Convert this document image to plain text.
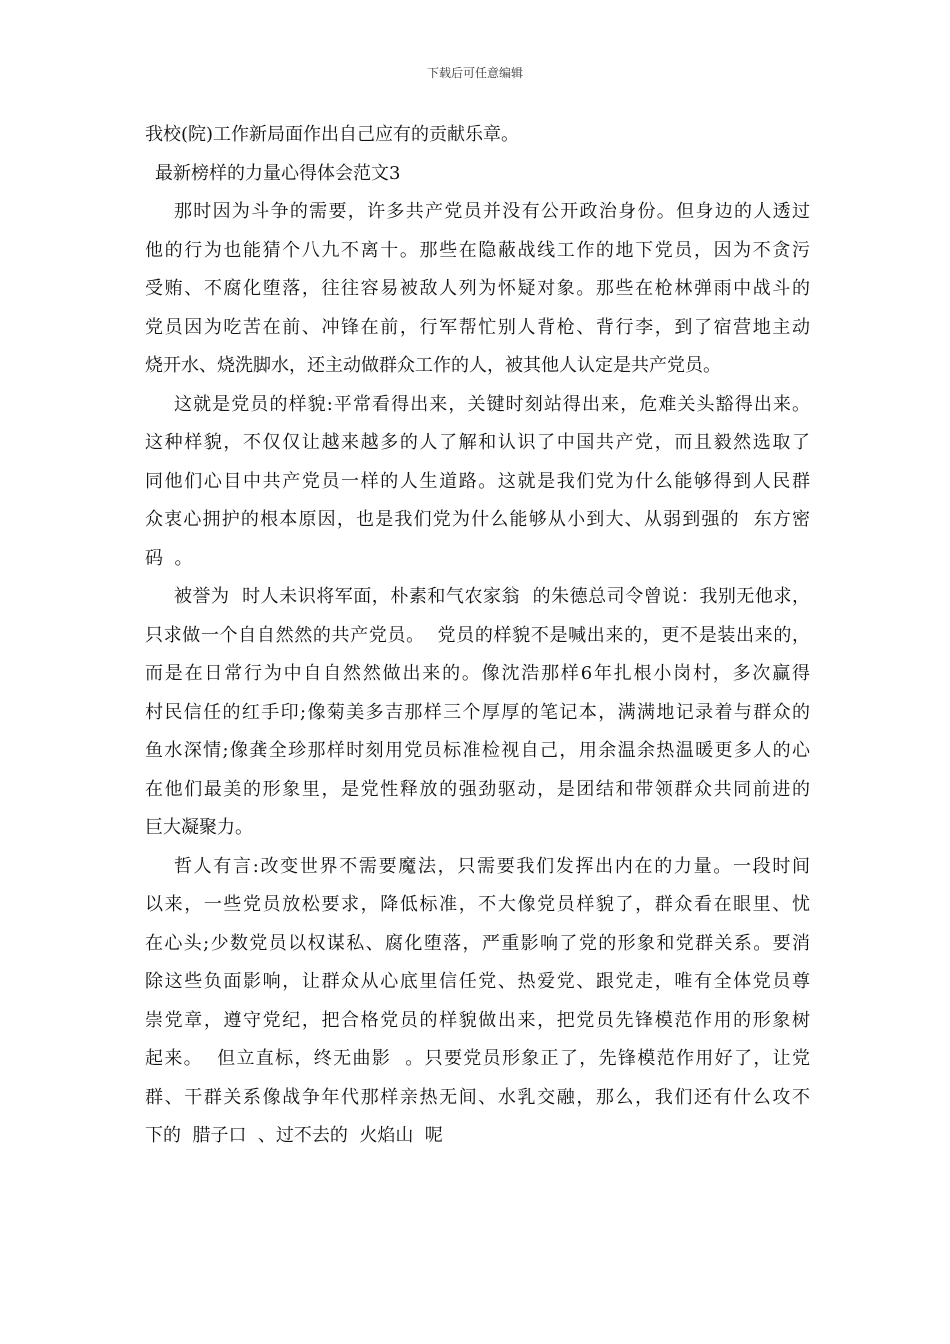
下载后可任意编辑
我校(院)工作新局面作出自己应有的贡献乐章。
最新榜样的力量心得体会范文3
那时因为斗争的需要，许多共产党员并没有公开政治身份。但身边的人透过
他的行为也能猜个八九不离十。那些在隐蔽战线工作的地下党员，因为不贪污
受贿、不腐化堕落，往往容易被敌人列为怀疑对象。那些在枪林弹雨中战斗的
党员因为吃苦在前、冲锋在前，行军帮忙别人背枪、背行李，到了宿营地主动
烧开水、烧洗脚水，还主动做群众工作的人，被其他人认定是共产党员。
这就是党员的样貌:平常看得出来，关键时刻站得出来，危难关头豁得出来。
这种样貌，不仅仅让越来越多的人了解和认识了中国共产党，而且毅然选取了
同他们心目中共产党员一样的人生道路。这就是我们党为什么能够得到人民群
众衷心拥护的根本原因，也是我们党为什么能够从小到大、从弱到强的  东方密
码  。
被誉为  时人未识将军面，朴素和气农家翁  的朱德总司令曾说：我别无他求，
只求做一个自自然然的共产党员。  党员的样貌不是喊出来的，更不是装出来的，
而是在日常行为中自自然然做出来的。像沈浩那样6年扎根小岗村，多次赢得
村民信任的红手印;像菊美多吉那样三个厚厚的笔记本，满满地记录着与群众的
鱼水深情;像龚全珍那样时刻用党员标准检视自己，用余温余热温暖更多人的心
在他们最美的形象里，是党性释放的强劲驱动，是团结和带领群众共同前进的
巨大凝聚力。
哲人有言:改变世界不需要魔法，只需要我们发挥出内在的力量。一段时间
以来，一些党员放松要求，降低标准，不大像党员样貌了，群众看在眼里、忧
在心头;少数党员以权谋私、腐化堕落，严重影响了党的形象和党群关系。要消
除这些负面影响，让群众从心底里信任党、热爱党、跟党走，唯有全体党员尊
崇党章，遵守党纪，把合格党员的样貌做出来，把党员先锋模范作用的形象树
起来。  但立直标，终无曲影  。只要党员形象正了，先锋模范作用好了，让党
群、干群关系像战争年代那样亲热无间、水乳交融，那么，我们还有什么攻不
下的  腊子口  、过不去的  火焰山  呢
